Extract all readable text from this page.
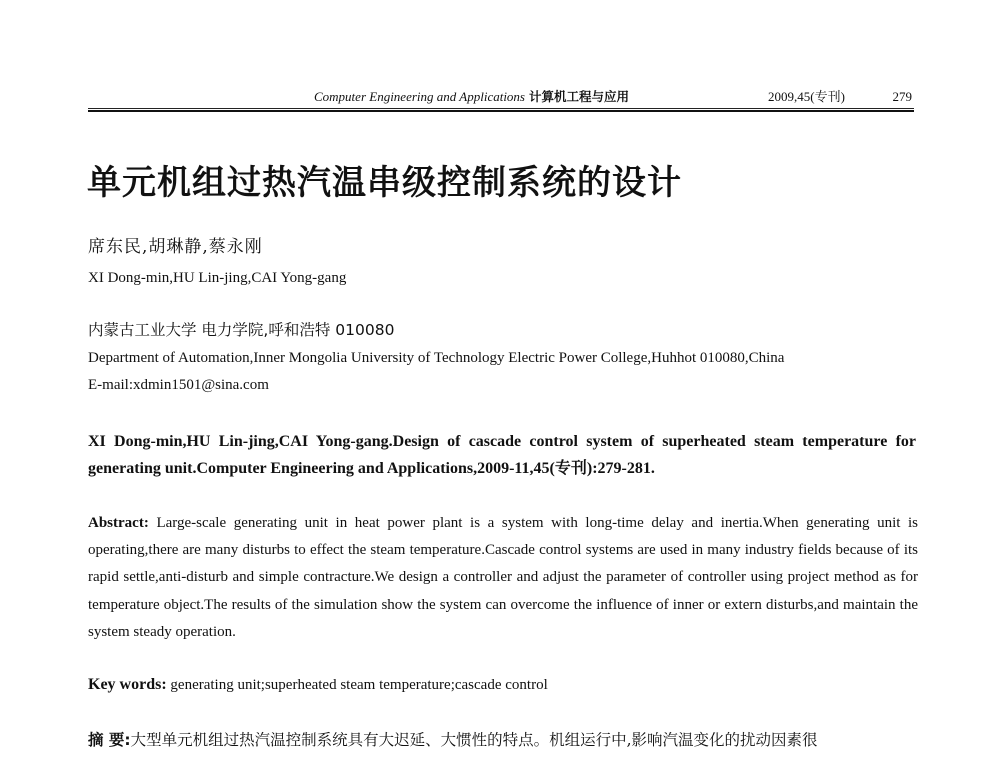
Computer Engineering and Applications 计算机工程与应用	2009,45(专刊)	279
单元机组过热汽温串级控制系统的设计
席东民,胡琳静,蔡永刚
XI Dong-min,HU Lin-jing,CAI Yong-gang
内蒙古工业大学 电力学院,呼和浩特 010080
Department of Automation,Inner Mongolia University of Technology Electric Power College,Huhhot 010080,China
E-mail:xdmin1501@sina.com
XI Dong-min,HU Lin-jing,CAI Yong-gang.Design of cascade control system of superheated steam temperature for generating unit.Computer Engineering and Applications,2009-11,45(专刊):279-281.
Abstract: Large-scale generating unit in heat power plant is a system with long-time delay and inertia.When generating unit is operating,there are many disturbs to effect the steam temperature.Cascade control systems are used in many industry fields because of its rapid settle,anti-disturb and simple contracture.We design a controller and adjust the parameter of controller using project method as for temperature object.The results of the simulation show the system can overcome the influence of inner or extern disturbs,and maintain the system steady operation.
Key words: generating unit;superheated steam temperature;cascade control
摘 要:大型单元机组过热汽温控制系统具有大迟延、大惯性的特点。机组运行中,影响汽温变化的扰动因素很
